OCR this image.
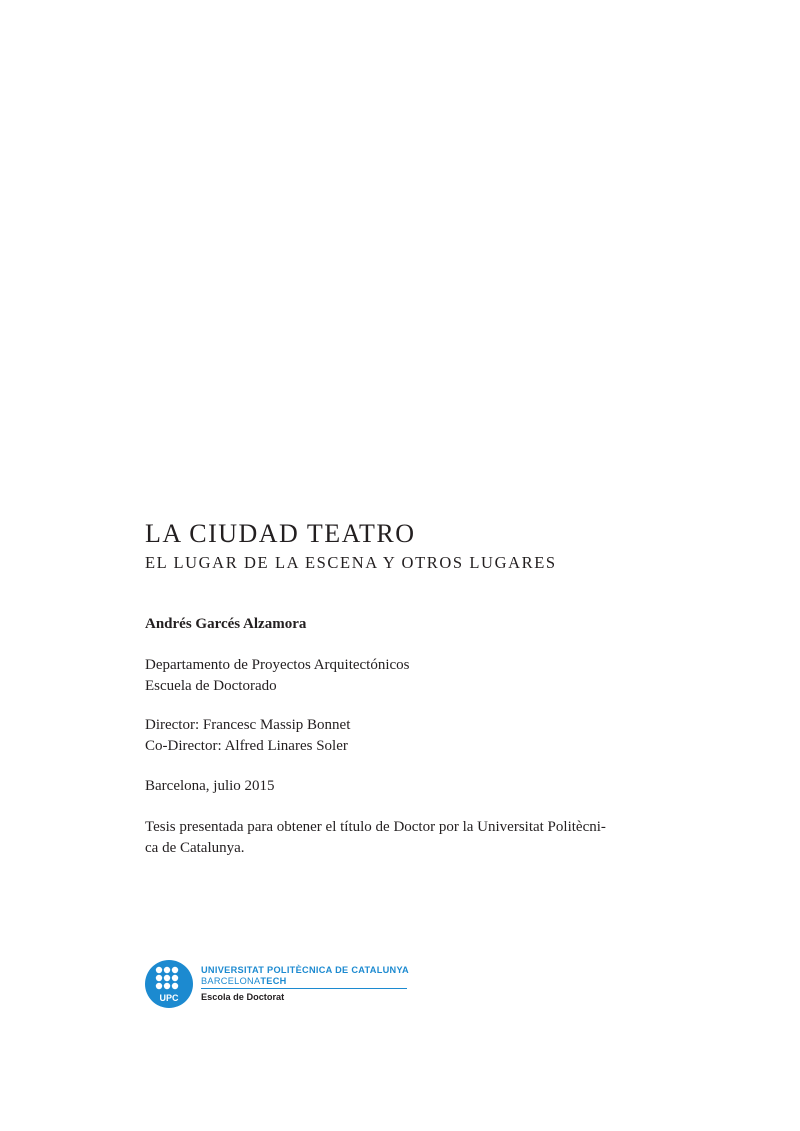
LA CIUDAD TEATRO
EL LUGAR DE LA ESCENA Y OTROS LUGARES
Andrés Garcés Alzamora
Departamento de Proyectos Arquitectónicos
Escuela de Doctorado
Director: Francesc Massip Bonnet
Co-Director: Alfred Linares Soler
Barcelona, julio 2015
Tesis presentada para obtener el título de Doctor por la Universitat Politècni-
ca de Catalunya.
UPC
UNIVERSITAT POLITÈCNICA DE CATALUNYA
BARCELONATECH
Escola de Doctorat
